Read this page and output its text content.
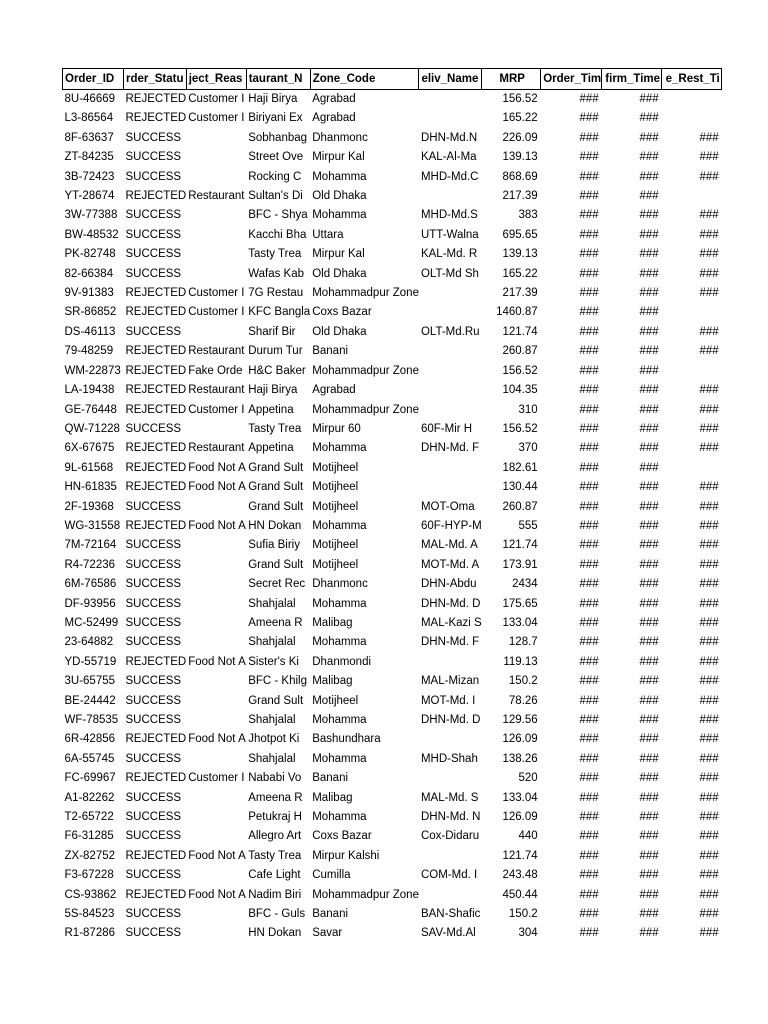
Order_ID	rder_Statu	ject_Reas	taurant_N	Zone_Code	eliv_Name	MRP	Order_Tim	firm_Time	e_Rest_Ti
8U-46669	REJECTED	Customer I	Haji Birya	Agrabad		156.52	###	###	
L3-86564	REJECTED	Customer I	Biriyani Ex	Agrabad		165.22	###	###	
8F-63637	SUCCESS		Sobhanbag	Dhanmonc	DHN-Md.N	226.09	###	###	###
ZT-84235	SUCCESS		Street Ove	Mirpur Kal	KAL-Al-Ma	139.13	###	###	###
3B-72423	SUCCESS		Rocking C	Mohamma	MHD-Md.C	868.69	###	###	###
YT-28674	REJECTED	Restaurant	Sultan's Di	Old Dhaka		217.39	###	###	
3W-77388	SUCCESS		BFC - Shya	Mohamma	MHD-Md.S	383	###	###	###
BW-48532	SUCCESS		Kacchi Bha	Uttara	UTT-Walna	695.65	###	###	###
PK-82748	SUCCESS		Tasty Trea	Mirpur Kal	KAL-Md. R	139.13	###	###	###
82-66384	SUCCESS		Wafas Kab	Old Dhaka	OLT-Md Sh	165.22	###	###	###
9V-91383	REJECTED	Customer I	7G Restau	Mohammadpur Zone		217.39	###	###	###
SR-86852	REJECTED	Customer I	KFC Bangla	Coxs Bazar		1460.87	###	###	
DS-46113	SUCCESS		Sharif Bir	Old Dhaka	OLT-Md.Ru	121.74	###	###	###
79-48259	REJECTED	Restaurant	Durum Tur	Banani		260.87	###	###	###
WM-22873	REJECTED	Fake Orde	H&C Baker	Mohammadpur Zone		156.52	###	###	
LA-19438	REJECTED	Restaurant	Haji Birya	Agrabad		104.35	###	###	###
GE-76448	REJECTED	Customer I	Appetina	Mohammadpur Zone		310	###	###	###
QW-71228	SUCCESS		Tasty Trea	Mirpur 60	60F-Mir H	156.52	###	###	###
6X-67675	REJECTED	Restaurant	Appetina	Mohamma	DHN-Md. F	370	###	###	###
9L-61568	REJECTED	Food Not A	Grand Sult	Motijheel		182.61	###	###	
HN-61835	REJECTED	Food Not A	Grand Sult	Motijheel		130.44	###	###	###
2F-19368	SUCCESS		Grand Sult	Motijheel	MOT-Oma	260.87	###	###	###
WG-31558	REJECTED	Food Not A	HN Dokan	Mohamma	60F-HYP-M	555	###	###	###
7M-72164	SUCCESS		Sufia Biriy	Motijheel	MAL-Md. A	121.74	###	###	###
R4-72236	SUCCESS		Grand Sult	Motijheel	MOT-Md. A	173.91	###	###	###
6M-76586	SUCCESS		Secret Rec	Dhanmonc	DHN-Abdu	2434	###	###	###
DF-93956	SUCCESS		Shahjalal	Mohamma	DHN-Md. D	175.65	###	###	###
MC-52499	SUCCESS		Ameena R	Malibag	MAL-Kazi S	133.04	###	###	###
23-64882	SUCCESS		Shahjalal	Mohamma	DHN-Md. F	128.7	###	###	###
YD-55719	REJECTED	Food Not A	Sister's Ki	Dhanmondi		119.13	###	###	###
3U-65755	SUCCESS		BFC - Khilg	Malibag	MAL-Mizan	150.2	###	###	###
BE-24442	SUCCESS		Grand Sult	Motijheel	MOT-Md. I	78.26	###	###	###
WF-78535	SUCCESS		Shahjalal	Mohamma	DHN-Md. D	129.56	###	###	###
6R-42856	REJECTED	Food Not A	Jhotpot Ki	Bashundhara		126.09	###	###	###
6A-55745	SUCCESS		Shahjalal	Mohamma	MHD-Shah	138.26	###	###	###
FC-69967	REJECTED	Customer I	Nababi Vo	Banani		520	###	###	###
A1-82262	SUCCESS		Ameena R	Malibag	MAL-Md. S	133.04	###	###	###
T2-65722	SUCCESS		Petukraj H	Mohamma	DHN-Md. N	126.09	###	###	###
F6-31285	SUCCESS		Allegro Art	Coxs Bazar	Cox-Didaru	440	###	###	###
ZX-82752	REJECTED	Food Not A	Tasty Trea	Mirpur Kalshi		121.74	###	###	###
F3-67228	SUCCESS		Cafe Light	Cumilla	COM-Md. I	243.48	###	###	###
CS-93862	REJECTED	Food Not A	Nadim Biri	Mohammadpur Zone		450.44	###	###	###
5S-84523	SUCCESS		BFC - Guls	Banani	BAN-Shafic	150.2	###	###	###
R1-87286	SUCCESS		HN Dokan	Savar	SAV-Md.Al	304	###	###	###
